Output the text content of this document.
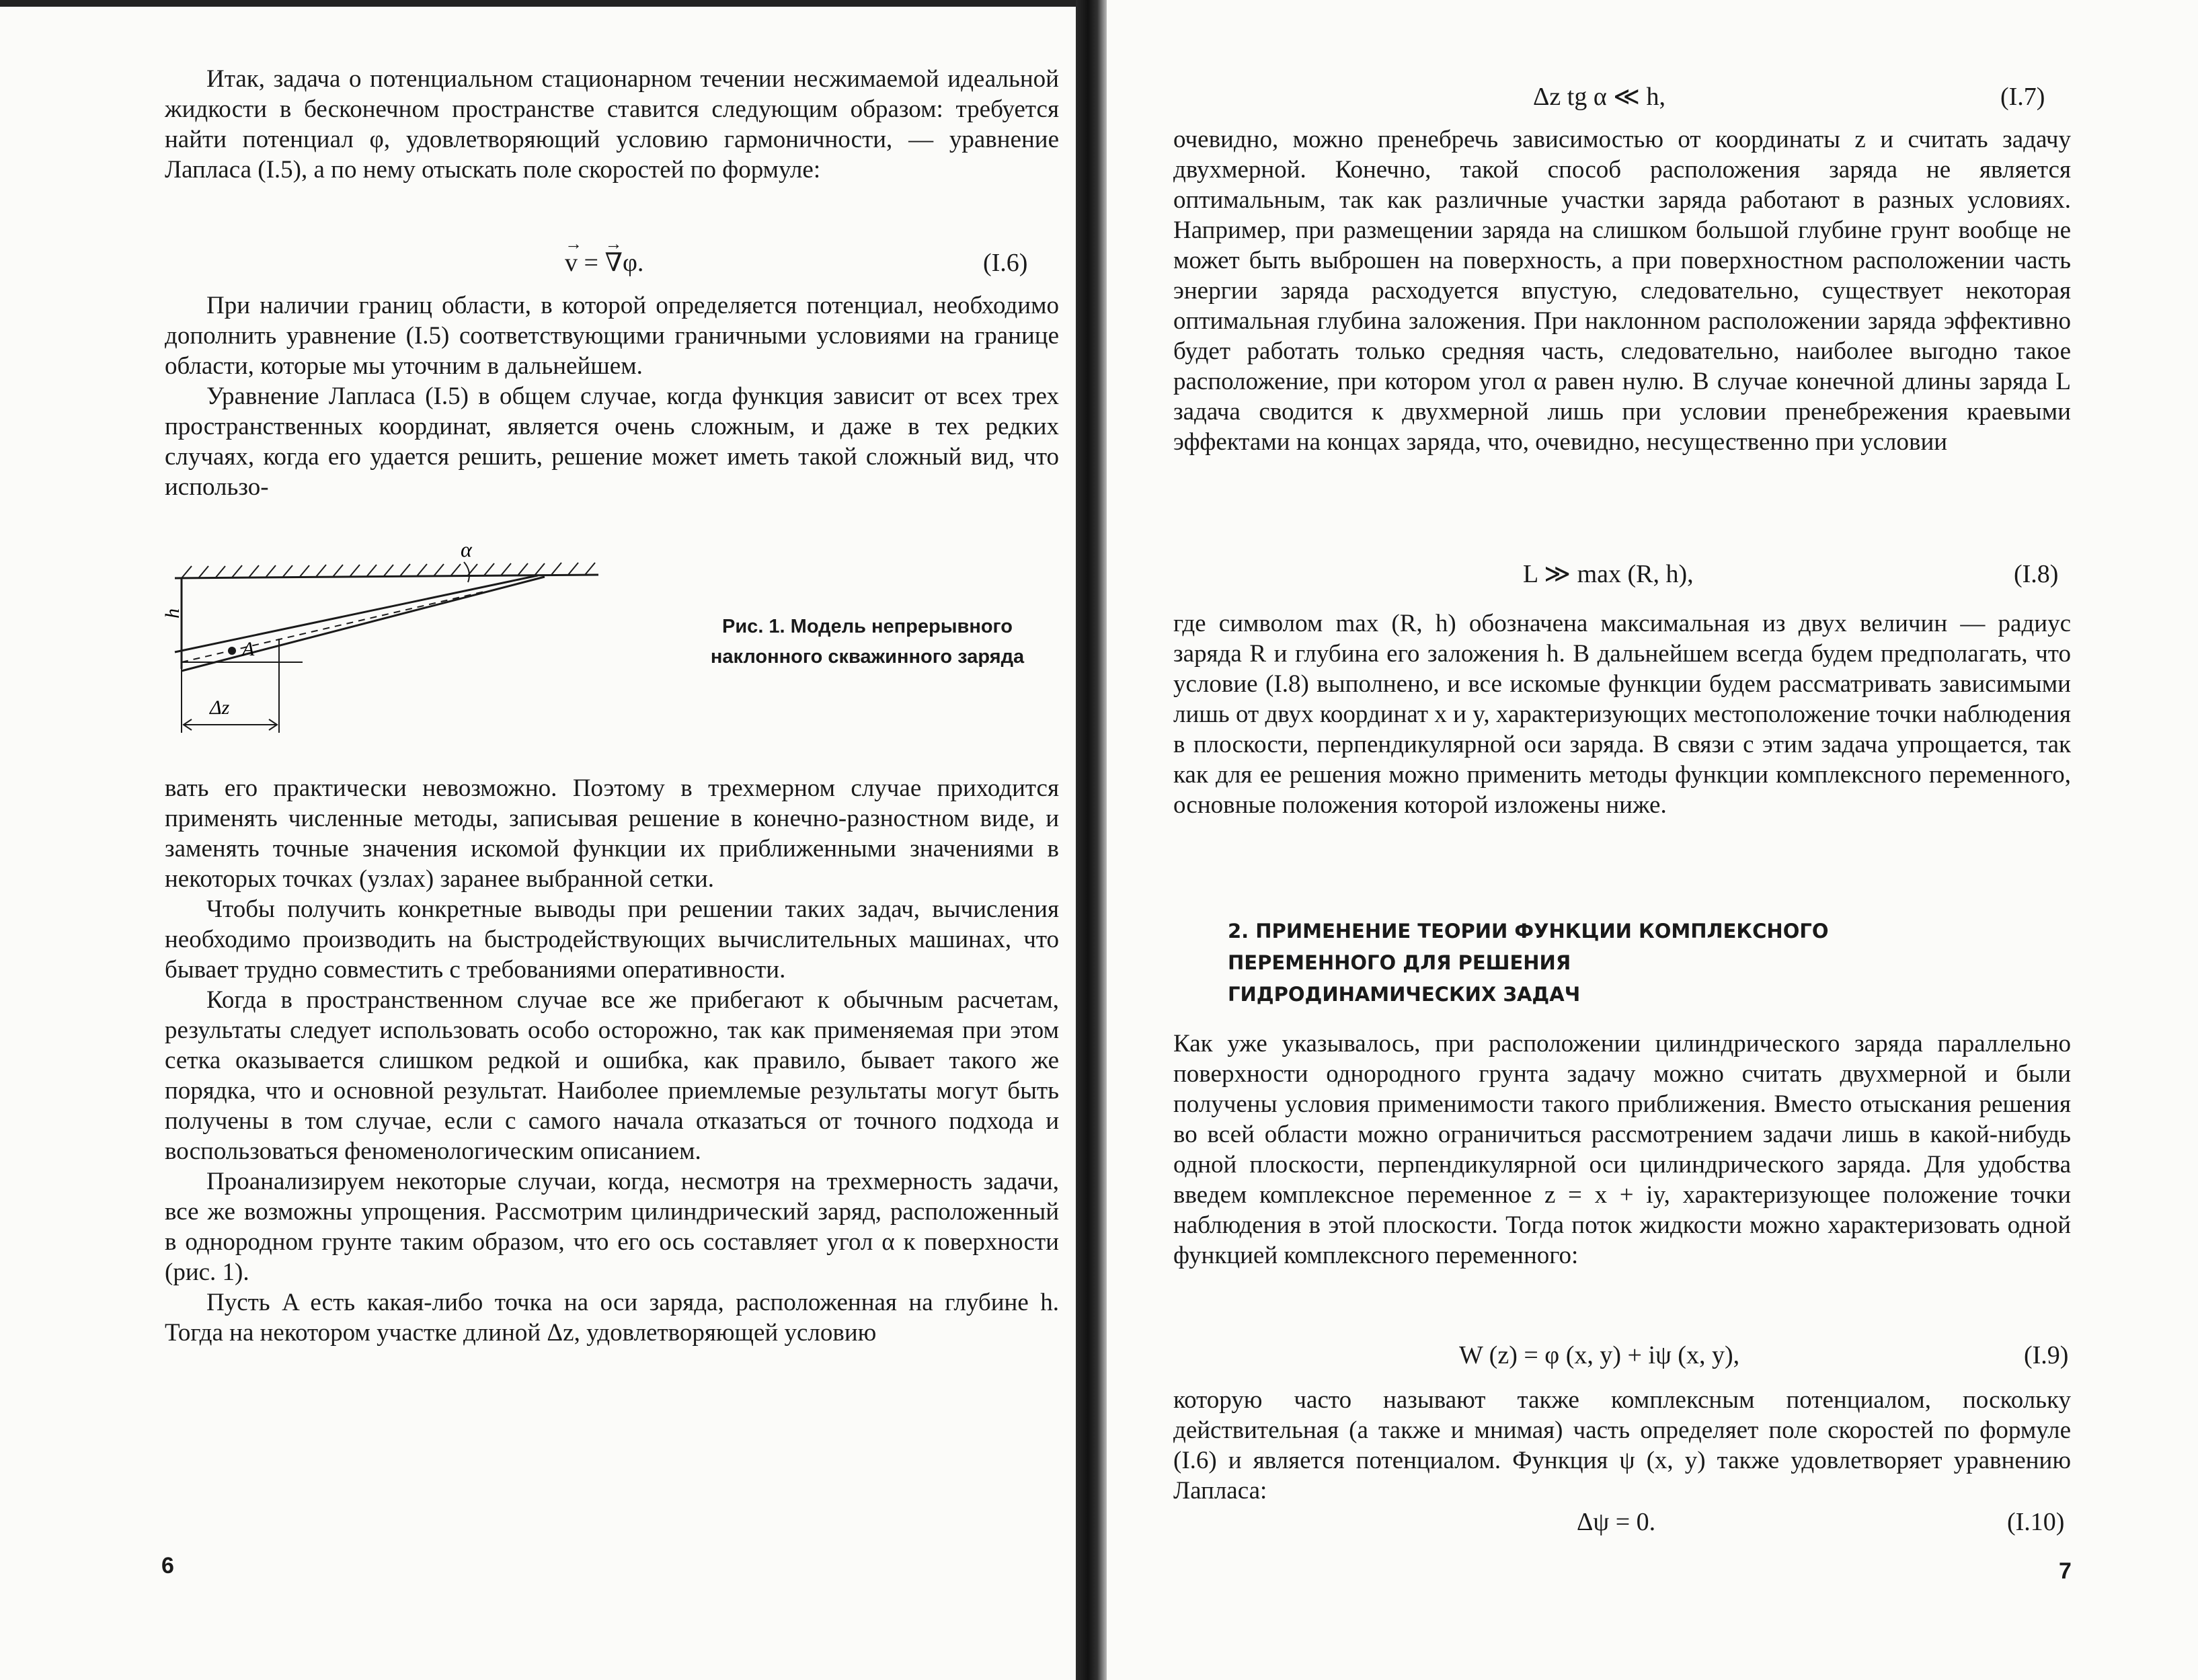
Итак, задача о потенциальном стационарном течении несжимаемой идеальной жидкости в бесконечном пространстве ставится следующим образом: требуется найти потенциал φ, удовлетворяющий условию гармоничности, — уравнение Лапласа (I.5), а по нему отыскать поле скоростей по формуле:

→ v = → ∇φ.	(I.6)

При наличии границ области, в которой определяется потенциал, необходимо дополнить уравнение (I.5) соответствующими граничными условиями на границе области, которые мы уточним в дальнейшем.

Уравнение Лапласа (I.5) в общем случае, когда функция зависит от всех трех пространственных координат, является очень сложным, и даже в тех редких случаях, когда его удается решить, решение может иметь такой сложный вид, что использо-

α
h
A
Δz
Рис. 1. Модель непрерывного наклонного скважинного заряда

вать его практически невозможно. Поэтому в трехмерном случае приходится применять численные методы, записывая решение в конечно-разностном виде, и заменять точные значения искомой функции их приближенными значениями в некоторых точках (узлах) заранее выбранной сетки.

Чтобы получить конкретные выводы при решении таких задач, вычисления необходимо производить на быстродействующих вычислительных машинах, что бывает трудно совместить с требованиями оперативности.

Когда в пространственном случае все же прибегают к обычным расчетам, результаты следует использовать особо осторожно, так как применяемая при этом сетка оказывается слишком редкой и ошибка, как правило, бывает такого же порядка, что и основной результат. Наиболее приемлемые результаты могут быть получены в том случае, если с самого начала отказаться от точного подхода и воспользоваться феноменологическим описанием.

Проанализируем некоторые случаи, когда, несмотря на трехмерность задачи, все же возможны упрощения. Рассмотрим цилиндрический заряд, расположенный в однородном грунте таким образом, что его ось составляет угол α к поверхности (рис. 1).

Пусть A есть какая-либо точка на оси заряда, расположенная на глубине h. Тогда на некотором участке длиной Δz, удовлетворяющей условию

6
Δz tg α ≪ h,	(I.7)

очевидно, можно пренебречь зависимостью от координаты z и считать задачу двухмерной. Конечно, такой способ расположения заряда не является оптимальным, так как различные участки заряда работают в разных условиях. Например, при размещении заряда на слишком большой глубине грунт вообще не может быть выброшен на поверхность, а при поверхностном расположении часть энергии заряда расходуется впустую, следовательно, существует некоторая оптимальная глубина заложения. При наклонном расположении заряда эффективно будет работать только средняя часть, следовательно, наиболее выгодно такое расположение, при котором угол α равен нулю. В случае конечной длины заряда L задача сводится к двухмерной лишь при условии пренебрежения краевыми эффектами на концах заряда, что, очевидно, несущественно при условии

L ≫ max (R, h),	(I.8)

где символом max (R, h) обозначена максимальная из двух величин — радиус заряда R и глубина его заложения h. В дальнейшем всегда будем предполагать, что условие (I.8) выполнено, и все искомые функции будем рассматривать зависимыми лишь от двух координат x и y, характеризующих местоположение точки наблюдения в плоскости, перпендикулярной оси заряда. В связи с этим задача упрощается, так как для ее решения можно применить методы функции комплексного переменного, основные положения которой изложены ниже.

2. ПРИМЕНЕНИЕ ТЕОРИИ ФУНКЦИИ КОМПЛЕКСНОГО
ПЕРЕМЕННОГО ДЛЯ РЕШЕНИЯ
ГИДРОДИНАМИЧЕСКИХ ЗАДАЧ

Как уже указывалось, при расположении цилиндрического заряда параллельно поверхности однородного грунта задачу можно считать двухмерной и были получены условия применимости такого приближения. Вместо отыскания решения во всей области можно ограничиться рассмотрением задачи лишь в какой-нибудь одной плоскости, перпендикулярной оси цилиндрического заряда. Для удобства введем комплексное переменное z = x + iy, характеризующее положение точки наблюдения в этой плоскости. Тогда поток жидкости можно характеризовать одной функцией комплексного переменного:

W (z) = φ (x, y) + iψ (x, y),	(I.9)

которую часто называют также комплексным потенциалом, поскольку действительная (а также и мнимая) часть определяет поле скоростей по формуле (I.6) и является потенциалом. Функция ψ (x, y) также удовлетворяет уравнению Лапласа:

Δψ = 0.	(I.10)
7
